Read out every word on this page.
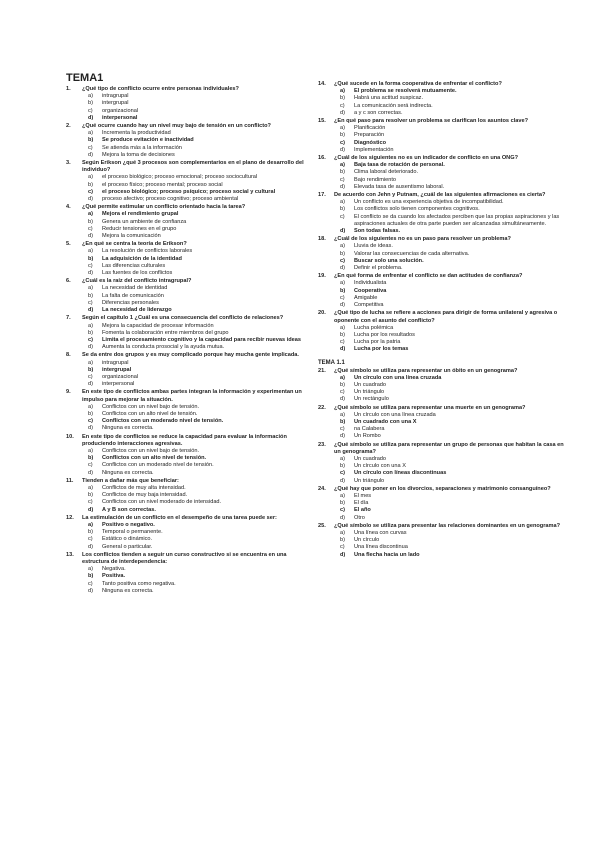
TEMA1
1.	¿Qué tipo de conflicto ocurre entre personas individuales?
a)	intragrupal
b)	intergrupal
c)	organizacional
d)	interpersonal
2.	¿Qué ocurre cuando hay un nivel muy bajo de tensión en un conflicto?
a)	Incrementa la productividad
b)	Se produce evitación e inactividad
c)	Se atienda más a la información
d)	Mejora la toma de decisiones
3.	Según Erikson ¿qué 3 procesos son complementarios en el plano de desarrollo del individuo?
a)	el proceso biológico; proceso emocional; proceso sociocultural
b)	el proceso físico; proceso mental; proceso social
c)	el proceso biológico; proceso psíquico; proceso social y cultural
d)	proceso afectivo; proceso cognitivo; proceso ambiental
4.	¿Qué permite estimular un conflicto orientado hacia la tarea?
a)	Mejora el rendimiento grupal
b)	Genera un ambiente de confianza
c)	Reducir tensiones en el grupo
d)	Mejora la comunicación
5.	¿En qué se centra la teoría de Erikson?
a)	La resolución de conflictos laborales
b)	La adquisición de la identidad
c)	Las diferencias culturales
d)	Las fuentes de los conflictos
6.	¿Cuál es la raíz del conflicto intragrupal?
a)	La necesidad de identidad
b)	La falta de comunicación
c)	Diferencias personales
d)	La necesidad de liderazgo
7.	Según el capítulo 1 ¿Cuál es una consecuencia del conflicto de relaciones?
a)	Mejora la capacidad de procesar información
b)	Fomenta la colaboración entre miembros del grupo
c)	Limita el procesamiento cognitivo y la capacidad para recibir nuevas ideas
d)	Aumenta la conducta prosocial y la ayuda mutua.
8.	Se da entre dos grupos y es muy complicado porque hay mucha gente implicada.
a)	intragrupal
b)	intergrupal
c)	organizacional
d)	interpersonal
9.	En este tipo de conflictos ambas partes integran la información y experimentan un impulso para mejorar la situación.
a)	Conflictos con un nivel bajo de tensión.
b)	Conflictos con un alto nivel de tensión.
c)	Conflictos con un moderado nivel de tensión.
d)	Ninguna es correcta.
10.	En este tipo de conflictos se reduce la capacidad para evaluar la información produciendo interacciones agresivas.
a)	Conflictos con un nivel bajo de tensión.
b)	Conflictos con un alto nivel de tensión.
c)	Conflictos con un moderado nivel de tensión.
d)	Ninguna es correcta.
11.	Tienden a dañar más que beneficiar:
a)	Conflictos de muy alta intensidad.
b)	Conflictos de muy baja intensidad.
c)	Conflictos con un nivel moderado de intensidad.
d)	A y B son correctas.
12.	La estimulación de un conflicto en el desempeño de una tarea puede ser:
a)	Positivo o negativo.
b)	Temporal o permanente.
c)	Estático o dinámico.
d)	General o particular.
13.	Los conflictos tienden a seguir un curso constructivo si se encuentra en una estructura de interdependencia:
a)	Negativa.
b)	Positiva.
c)	Tanto positiva como negativa.
d)	Ninguna es correcta.
14.	¿Qué sucede en la forma cooperativa de enfrentar el conflicto?
a)	El problema se resolverá mutuamente.
b)	Habrá una actitud suspicaz.
c)	La comunicación será indirecta.
d)	a y c son correctas.
15.	¿En qué paso para resolver un problema se clarifican los asuntos clave?
a)	Planificación
b)	Preparación
c)	Diagnóstico
d)	Implementación
16.	¿Cuál de los siguientes no es un indicador de conflicto en una ONG?
a)	Baja tasa de rotación de personal.
b)	Clima laboral deteriorado.
c)	Bajo rendimiento
d)	Elevada tasa de ausentismo laboral.
17.	De acuerdo con Jehn y Putnam, ¿cuál de las siguientes afirmaciones es cierta?
a)	Un conflicto es una experiencia objetiva de incompatibilidad.
b)	Los conflictos solo tienen componentes cognitivos.
c)	El conflicto se da cuando los afectados perciben que las propias aspiraciones y las aspiraciones actuales de otra parte pueden ser alcanzadas simultáneamente.
d)	Son todas falsas.
18.	¿Cuál de los siguientes no es un paso para resolver un problema?
a)	Lluvia de ideas.
b)	Valorar las consecuencias de cada alternativa.
c)	Buscar solo una solución.
d)	Definir el problema.
19.	¿En qué forma de enfrentar el conflicto se dan actitudes de confianza?
a)	Individualista
b)	Cooperativa
c)	Amigable
d)	Competitiva
20.	¿Qué tipo de lucha se refiere a acciones para dirigir de forma unilateral y agresiva o oponente con el asunto del conflicto?
a)	Lucha polémica
b)	Lucha por los resultados
c)	Lucha por la patria
d)	Lucha por los temas
TEMA 1.1
21.	¿Qué símbolo se utiliza para representar un óbito en un genograma?
a)	Un círculo con una línea cruzada
b)	Un cuadrado
c)	Un triángulo
d)	Un rectángulo
22.	¿Qué símbolo se utiliza para representar una muerte en un genograma?
a)	Un círculo con una línea cruzada
b)	Un cuadrado con una X
c)	na Calabera
d)	Un Rombo
23.	¿Qué símbolo se utiliza para representar un grupo de personas que habitan la casa en un genograma?
a)	Un cuadrado
b)	Un círculo con una X
c)	Un círculo con líneas discontinuas
d)	Un triángulo
24.	¿Qué hay que poner en los divorcios, separaciones y matrimonio consanguíneo?
a)	El mes
b)	El día
c)	El año
d)	Otro
25.	¿Qué símbolo se utiliza para presentar las relaciones dominantes en un genograma?
a)	Una línea con curvas
b)	Un círculo
c)	Una línea discontinua
d)	Una flecha hacia un lado
